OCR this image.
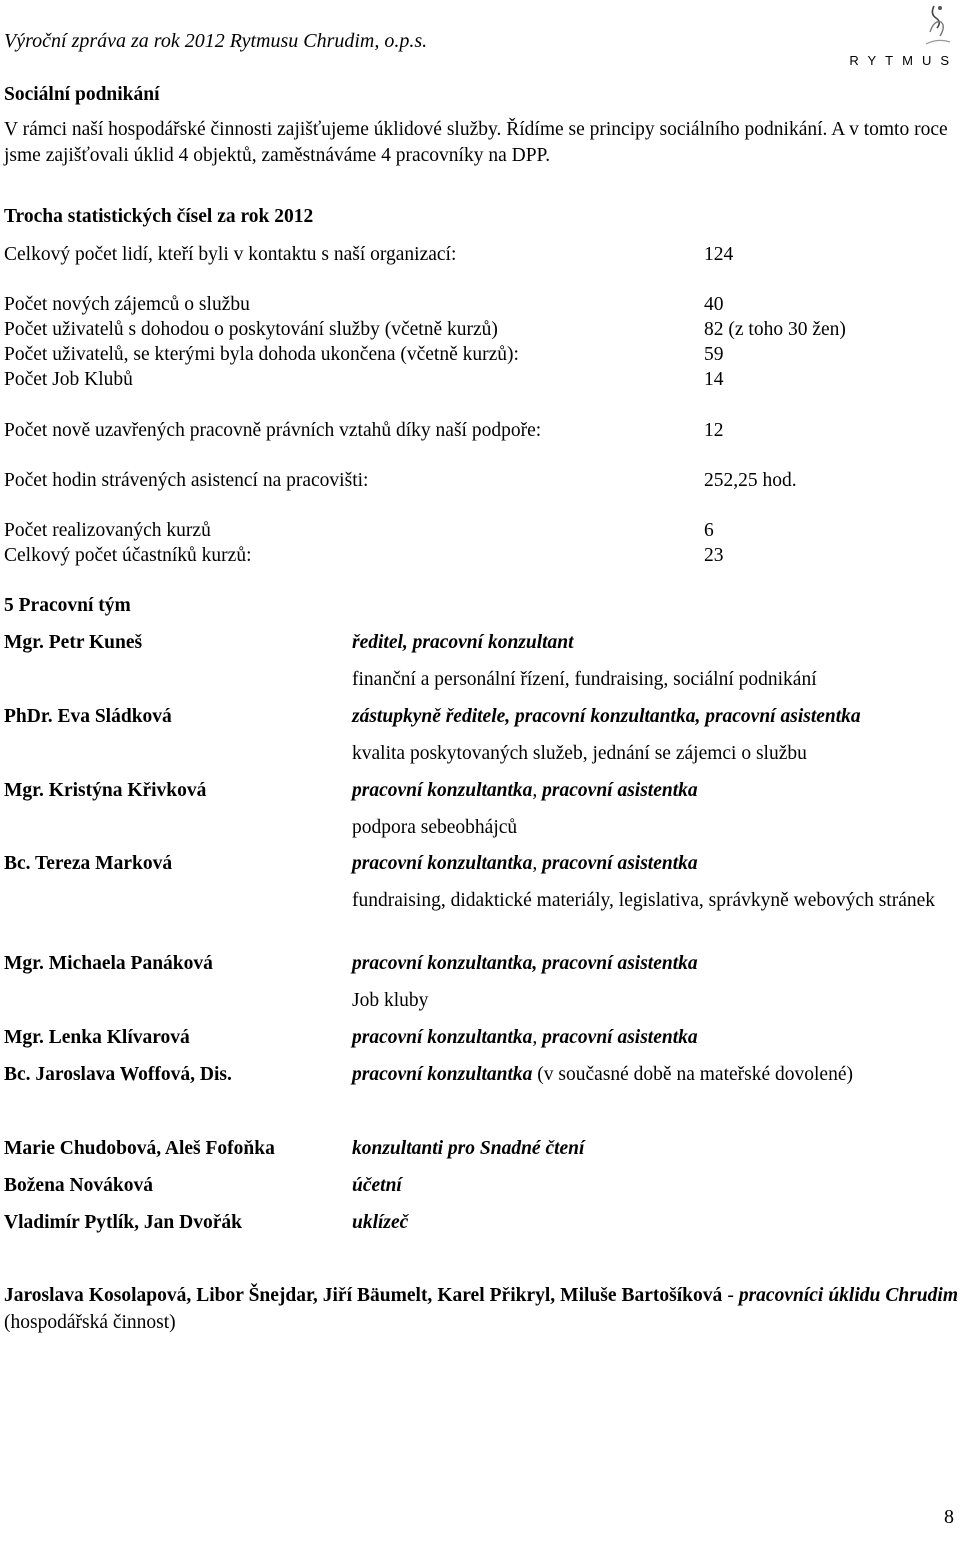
Výroční zpráva za rok 2012 Rytmusu Chrudim, o.p.s.
RYTMUS
Sociální podnikání
V rámci naší hospodářské činnosti zajišťujeme úklidové služby. Řídíme se principy sociálního podnikání. A v tomto roce jsme zajišťovali úklid 4 objektů, zaměstnáváme 4 pracovníky na DPP.
Trocha statistických čísel za rok 2012
Celkový počet lidí, kteří byli v kontaktu s naší organizací:	124
Počet nových zájemců o službu	40
Počet uživatelů s dohodou o poskytování služby (včetně kurzů)	82 (z toho 30 žen)
Počet uživatelů, se kterými byla dohoda ukončena (včetně kurzů):	59
Počet Job Klubů	14
Počet nově uzavřených pracovně právních vztahů díky naší podpoře:	12
Počet hodin strávených asistencí na pracovišti:	252,25 hod.
Počet realizovaných kurzů	6
Celkový počet účastníků kurzů:	23
5 Pracovní tým
Mgr. Petr Kuneš	ředitel, pracovní konzultant
finanční a personální řízení, fundraising, sociální podnikání
PhDr. Eva Sládková	zástupkyně ředitele, pracovní konzultantka, pracovní asistentka
kvalita poskytovaných služeb, jednání se zájemci o službu
Mgr. Kristýna Křivková	pracovní konzultantka, pracovní asistentka
podpora sebeobhájců
Bc. Tereza Marková	pracovní konzultantka, pracovní asistentka
fundraising, didaktické materiály, legislativa, správkyně webových stránek
Mgr. Michaela Panáková	pracovní konzultantka, pracovní asistentka
Job kluby
Mgr. Lenka Klívarová	pracovní konzultantka, pracovní asistentka
Bc. Jaroslava Woffová, Dis.	pracovní konzultantka (v současné době na mateřské dovolené)
Marie Chudobová, Aleš Fofoňka	konzultanti pro Snadné čtení
Božena Nováková	účetní
Vladimír Pytlík, Jan Dvořák	uklízeč
Jaroslava Kosolapová, Libor Šnejdar, Jiří Bäumelt, Karel Přikryl, Miluše Bartošíková - pracovníci úklidu Chrudim (hospodářská činnost)
8
